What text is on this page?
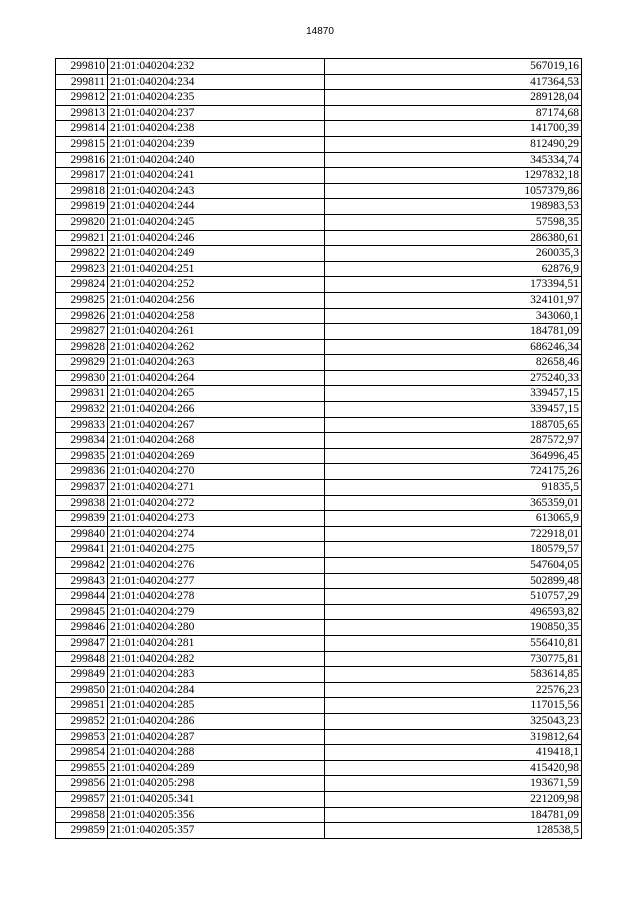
14870
299810	21:01:040204:232	567019,16
299811	21:01:040204:234	417364,53
299812	21:01:040204:235	289128,04
299813	21:01:040204:237	87174,68
299814	21:01:040204:238	141700,39
299815	21:01:040204:239	812490,29
299816	21:01:040204:240	345334,74
299817	21:01:040204:241	1297832,18
299818	21:01:040204:243	1057379,86
299819	21:01:040204:244	198983,53
299820	21:01:040204:245	57598,35
299821	21:01:040204:246	286380,61
299822	21:01:040204:249	260035,3
299823	21:01:040204:251	62876,9
299824	21:01:040204:252	173394,51
299825	21:01:040204:256	324101,97
299826	21:01:040204:258	343060,1
299827	21:01:040204:261	184781,09
299828	21:01:040204:262	686246,34
299829	21:01:040204:263	82658,46
299830	21:01:040204:264	275240,33
299831	21:01:040204:265	339457,15
299832	21:01:040204:266	339457,15
299833	21:01:040204:267	188705,65
299834	21:01:040204:268	287572,97
299835	21:01:040204:269	364996,45
299836	21:01:040204:270	724175,26
299837	21:01:040204:271	91835,5
299838	21:01:040204:272	365359,01
299839	21:01:040204:273	613065,9
299840	21:01:040204:274	722918,01
299841	21:01:040204:275	180579,57
299842	21:01:040204:276	547604,05
299843	21:01:040204:277	502899,48
299844	21:01:040204:278	510757,29
299845	21:01:040204:279	496593,82
299846	21:01:040204:280	190850,35
299847	21:01:040204:281	556410,81
299848	21:01:040204:282	730775,81
299849	21:01:040204:283	583614,85
299850	21:01:040204:284	22576,23
299851	21:01:040204:285	117015,56
299852	21:01:040204:286	325043,23
299853	21:01:040204:287	319812,64
299854	21:01:040204:288	419418,1
299855	21:01:040204:289	415420,98
299856	21:01:040205:298	193671,59
299857	21:01:040205:341	221209,98
299858	21:01:040205:356	184781,09
299859	21:01:040205:357	128538,5
